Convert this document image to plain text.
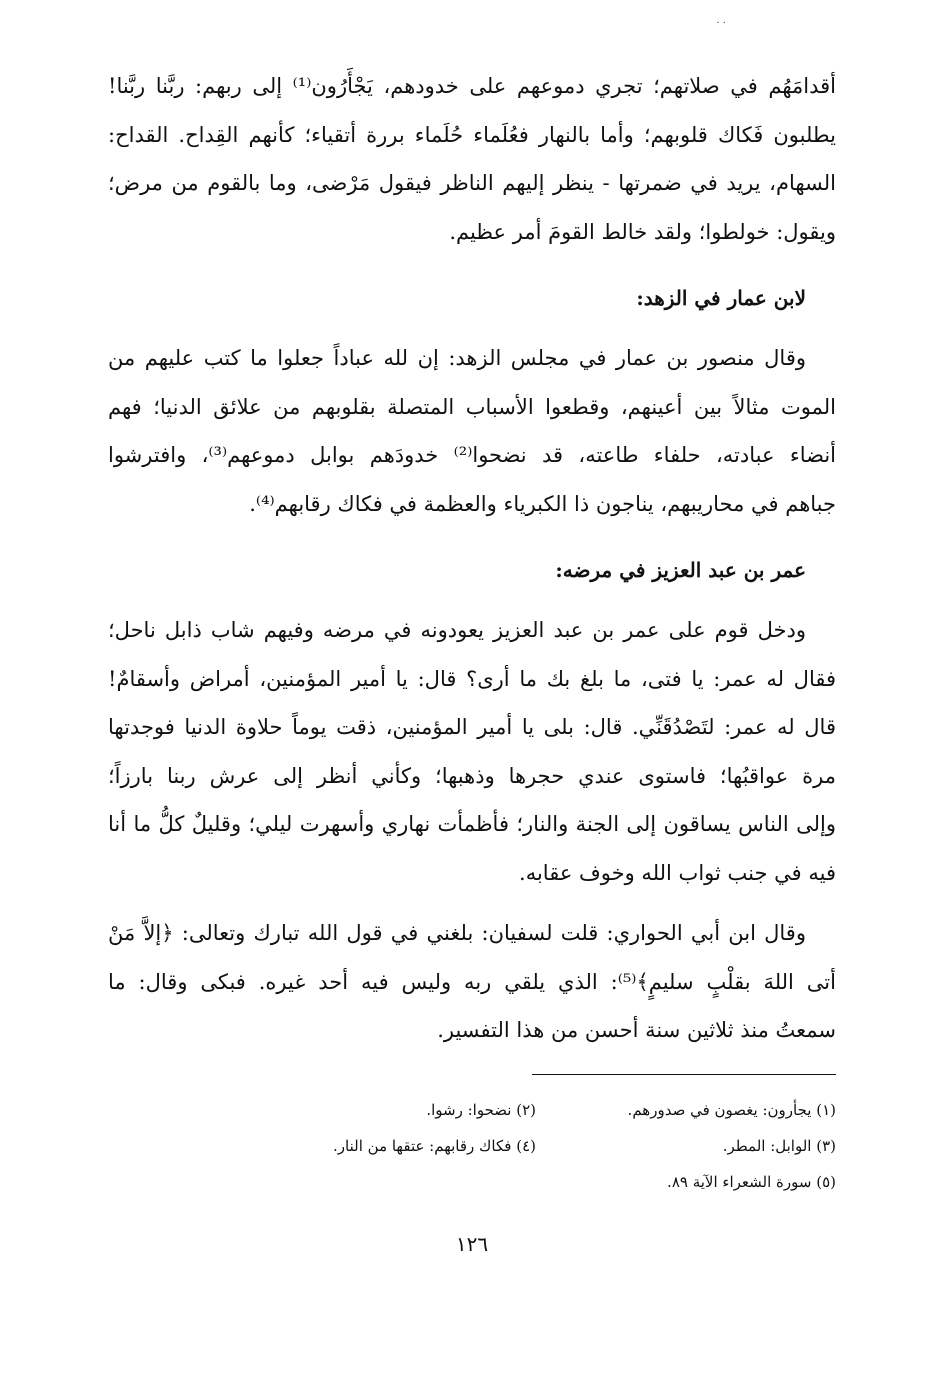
· ·
أقدامَهُم في صلاتهم؛ تجري دموعهم على خدودهم، يَجْأَرُون⁽¹⁾ إلى ربهم: ربَّنا ربَّنا!
يطلبون فَكاك قلوبهم؛ وأما بالنهار فعُلَماء حُلَماء بررة أتقياء؛ كأنهم القِداح. القداح:
السهام، يريد في ضمرتها - ينظر إليهم الناظر فيقول مَرْضى، وما بالقوم من مرض؛
ويقول: خولطوا؛ ولقد خالط القومَ أمر عظيم.
لابن عمار في الزهد:
وقال منصور بن عمار في مجلس الزهد: إن لله عباداً جعلوا ما كتب عليهم من
الموت مثالاً بين أعينهم، وقطعوا الأسباب المتصلة بقلوبهم من علائق الدنيا؛ فهم
أنضاء عبادته، حلفاء طاعته، قد نضحوا⁽²⁾ خدودَهم بوابل دموعهم⁽³⁾، وافترشوا
جباهم في محاريبهم، يناجون ذا الكبرياء والعظمة في فكاك رقابهم⁽⁴⁾.
عمر بن عبد العزيز في مرضه:
ودخل قوم على عمر بن عبد العزيز يعودونه في مرضه وفيهم شاب ذابل ناحل؛
فقال له عمر: يا فتى، ما بلغ بك ما أرى؟ قال: يا أمير المؤمنين، أمراض وأسقامٌ!
قال له عمر: لتَصْدُقَنِّي. قال: بلى يا أمير المؤمنين، ذقت يوماً حلاوة الدنيا فوجدتها
مرة عواقبُها؛ فاستوى عندي حجرها وذهبها؛ وكأني أنظر إلى عرش ربنا بارزاً؛
وإلى الناس يساقون إلى الجنة والنار؛ فأظمأت نهاري وأسهرت ليلي؛ وقليلٌ كلُّ ما أنا
فيه في جنب ثواب الله وخوف عقابه.
وقال ابن أبي الحواري: قلت لسفيان: بلغني في قول الله تبارك وتعالى: ﴿إلاَّ مَنْ
أتى اللهَ بقلْبٍ سليمٍ﴾⁽⁵⁾: الذي يلقي ربه وليس فيه أحد غيره. فبكى وقال: ما
سمعتُ منذ ثلاثين سنة أحسن من هذا التفسير.
(١) يجأرون: يغصون في صدورهم.
(٢) نضحوا: رشوا.
(٣) الوابل: المطر.
(٤) فكاك رقابهم: عتقها من النار.
(٥) سورة الشعراء الآية ٨٩.
١٢٦
